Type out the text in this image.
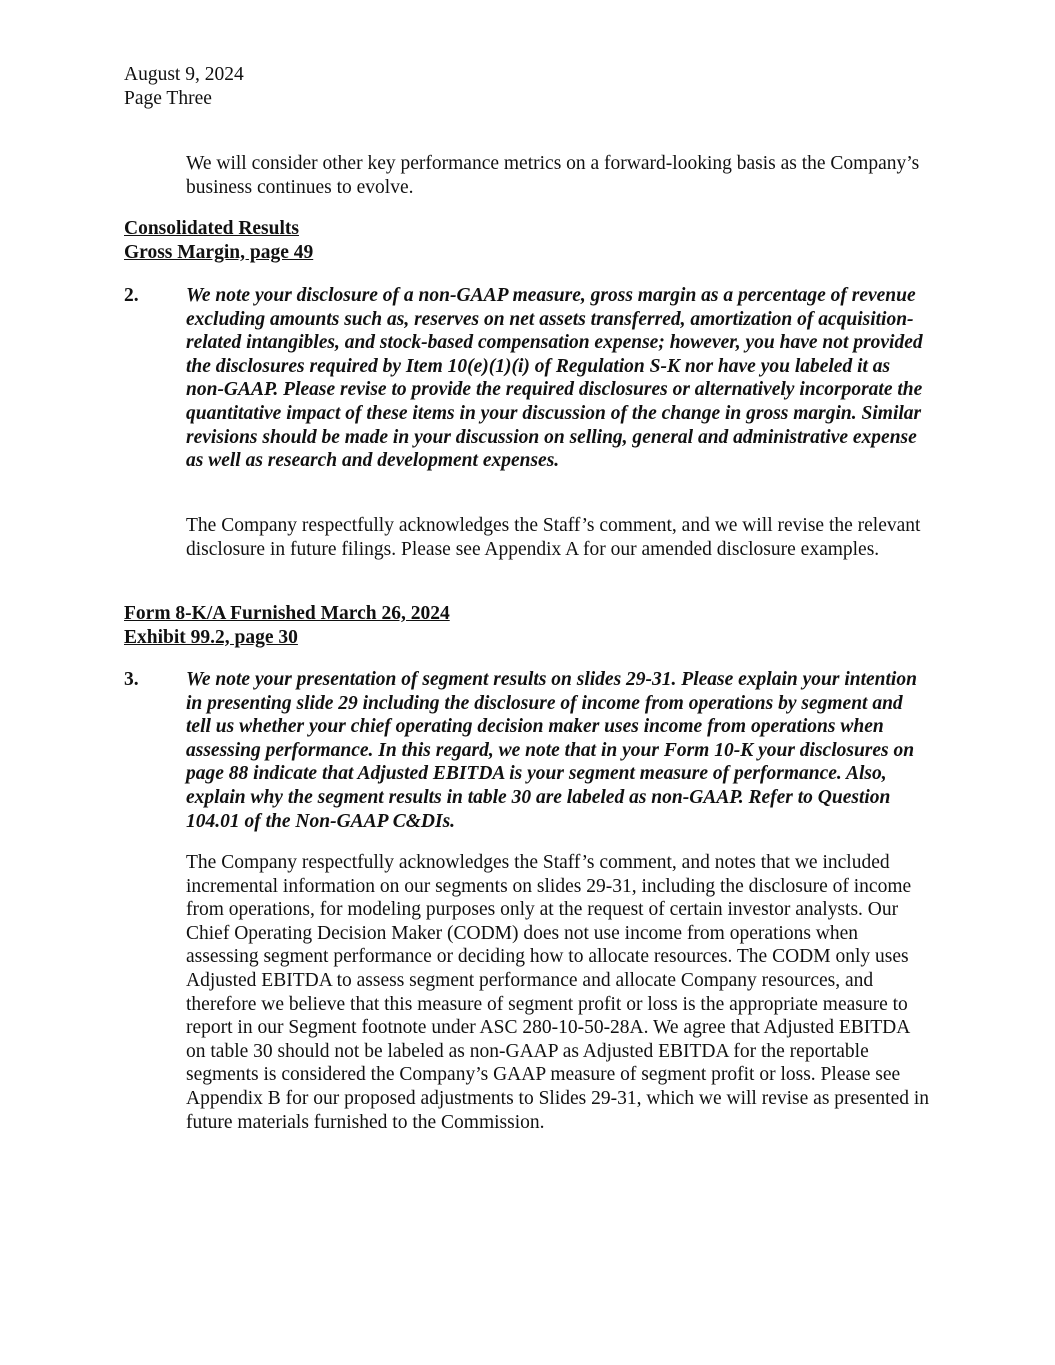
August 9, 2024
Page Three
We will consider other key performance metrics on a forward-looking basis as the Company’s business continues to evolve.
Consolidated Results
Gross Margin, page 49
2. We note your disclosure of a non-GAAP measure, gross margin as a percentage of revenue excluding amounts such as, reserves on net assets transferred, amortization of acquisition-related intangibles, and stock-based compensation expense; however, you have not provided the disclosures required by Item 10(e)(1)(i) of Regulation S-K nor have you labeled it as non-GAAP. Please revise to provide the required disclosures or alternatively incorporate the quantitative impact of these items in your discussion of the change in gross margin. Similar revisions should be made in your discussion on selling, general and administrative expense as well as research and development expenses.
The Company respectfully acknowledges the Staff’s comment, and we will revise the relevant disclosure in future filings. Please see Appendix A for our amended disclosure examples.
Form 8-K/A Furnished March 26, 2024
Exhibit 99.2, page 30
3. We note your presentation of segment results on slides 29-31. Please explain your intention in presenting slide 29 including the disclosure of income from operations by segment and tell us whether your chief operating decision maker uses income from operations when assessing performance. In this regard, we note that in your Form 10-K your disclosures on page 88 indicate that Adjusted EBITDA is your segment measure of performance. Also, explain why the segment results in table 30 are labeled as non-GAAP. Refer to Question 104.01 of the Non-GAAP C&DIs.
The Company respectfully acknowledges the Staff’s comment, and notes that we included incremental information on our segments on slides 29-31, including the disclosure of income from operations, for modeling purposes only at the request of certain investor analysts. Our Chief Operating Decision Maker (CODM) does not use income from operations when assessing segment performance or deciding how to allocate resources. The CODM only uses Adjusted EBITDA to assess segment performance and allocate Company resources, and therefore we believe that this measure of segment profit or loss is the appropriate measure to report in our Segment footnote under ASC 280-10-50-28A. We agree that Adjusted EBITDA on table 30 should not be labeled as non-GAAP as Adjusted EBITDA for the reportable segments is considered the Company’s GAAP measure of segment profit or loss. Please see Appendix B for our proposed adjustments to Slides 29-31, which we will revise as presented in future materials furnished to the Commission.
